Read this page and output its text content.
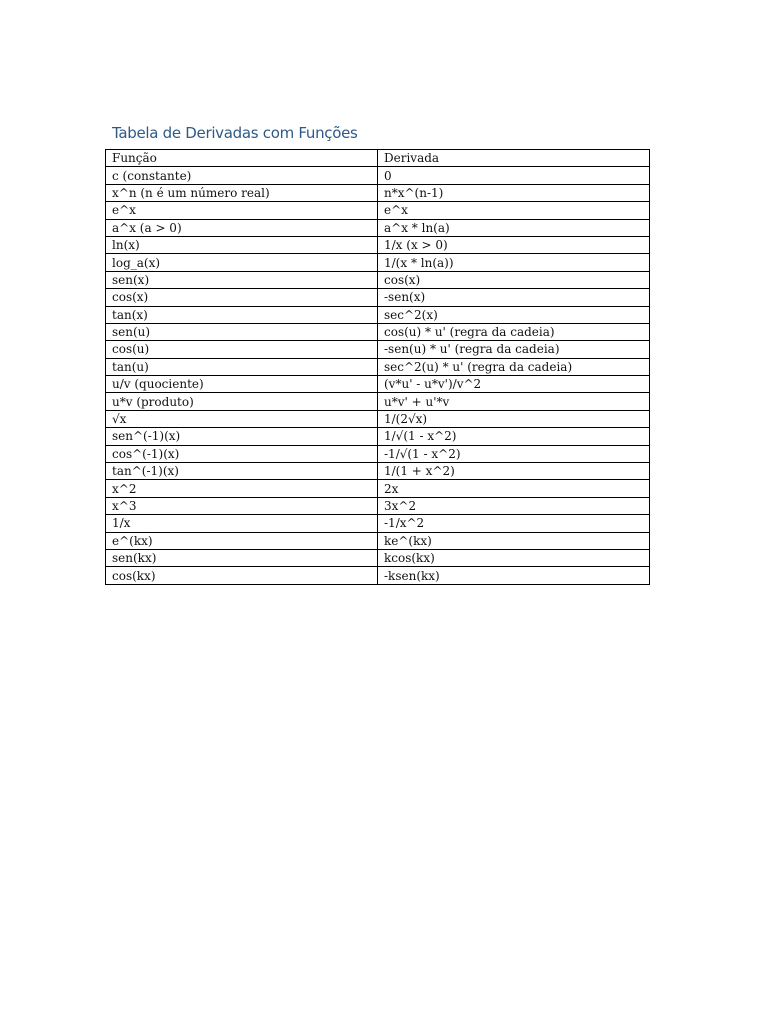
Tabela de Derivadas com Funções
Função	Derivada
c (constante)	0
x^n (n é um número real)	n*x^(n-1)
e^x	e^x
a^x (a > 0)	a^x * ln(a)
ln(x)	1/x (x > 0)
log_a(x)	1/(x * ln(a))
sen(x)	cos(x)
cos(x)	-sen(x)
tan(x)	sec^2(x)
sen(u)	cos(u) * u' (regra da cadeia)
cos(u)	-sen(u) * u' (regra da cadeia)
tan(u)	sec^2(u) * u' (regra da cadeia)
u/v (quociente)	(v*u' - u*v')/v^2
u*v (produto)	u*v' + u'*v
√x	1/(2√x)
sen^(-1)(x)	1/√(1 - x^2)
cos^(-1)(x)	-1/√(1 - x^2)
tan^(-1)(x)	1/(1 + x^2)
x^2	2x
x^3	3x^2
1/x	-1/x^2
e^(kx)	ke^(kx)
sen(kx)	kcos(kx)
cos(kx)	-ksen(kx)
